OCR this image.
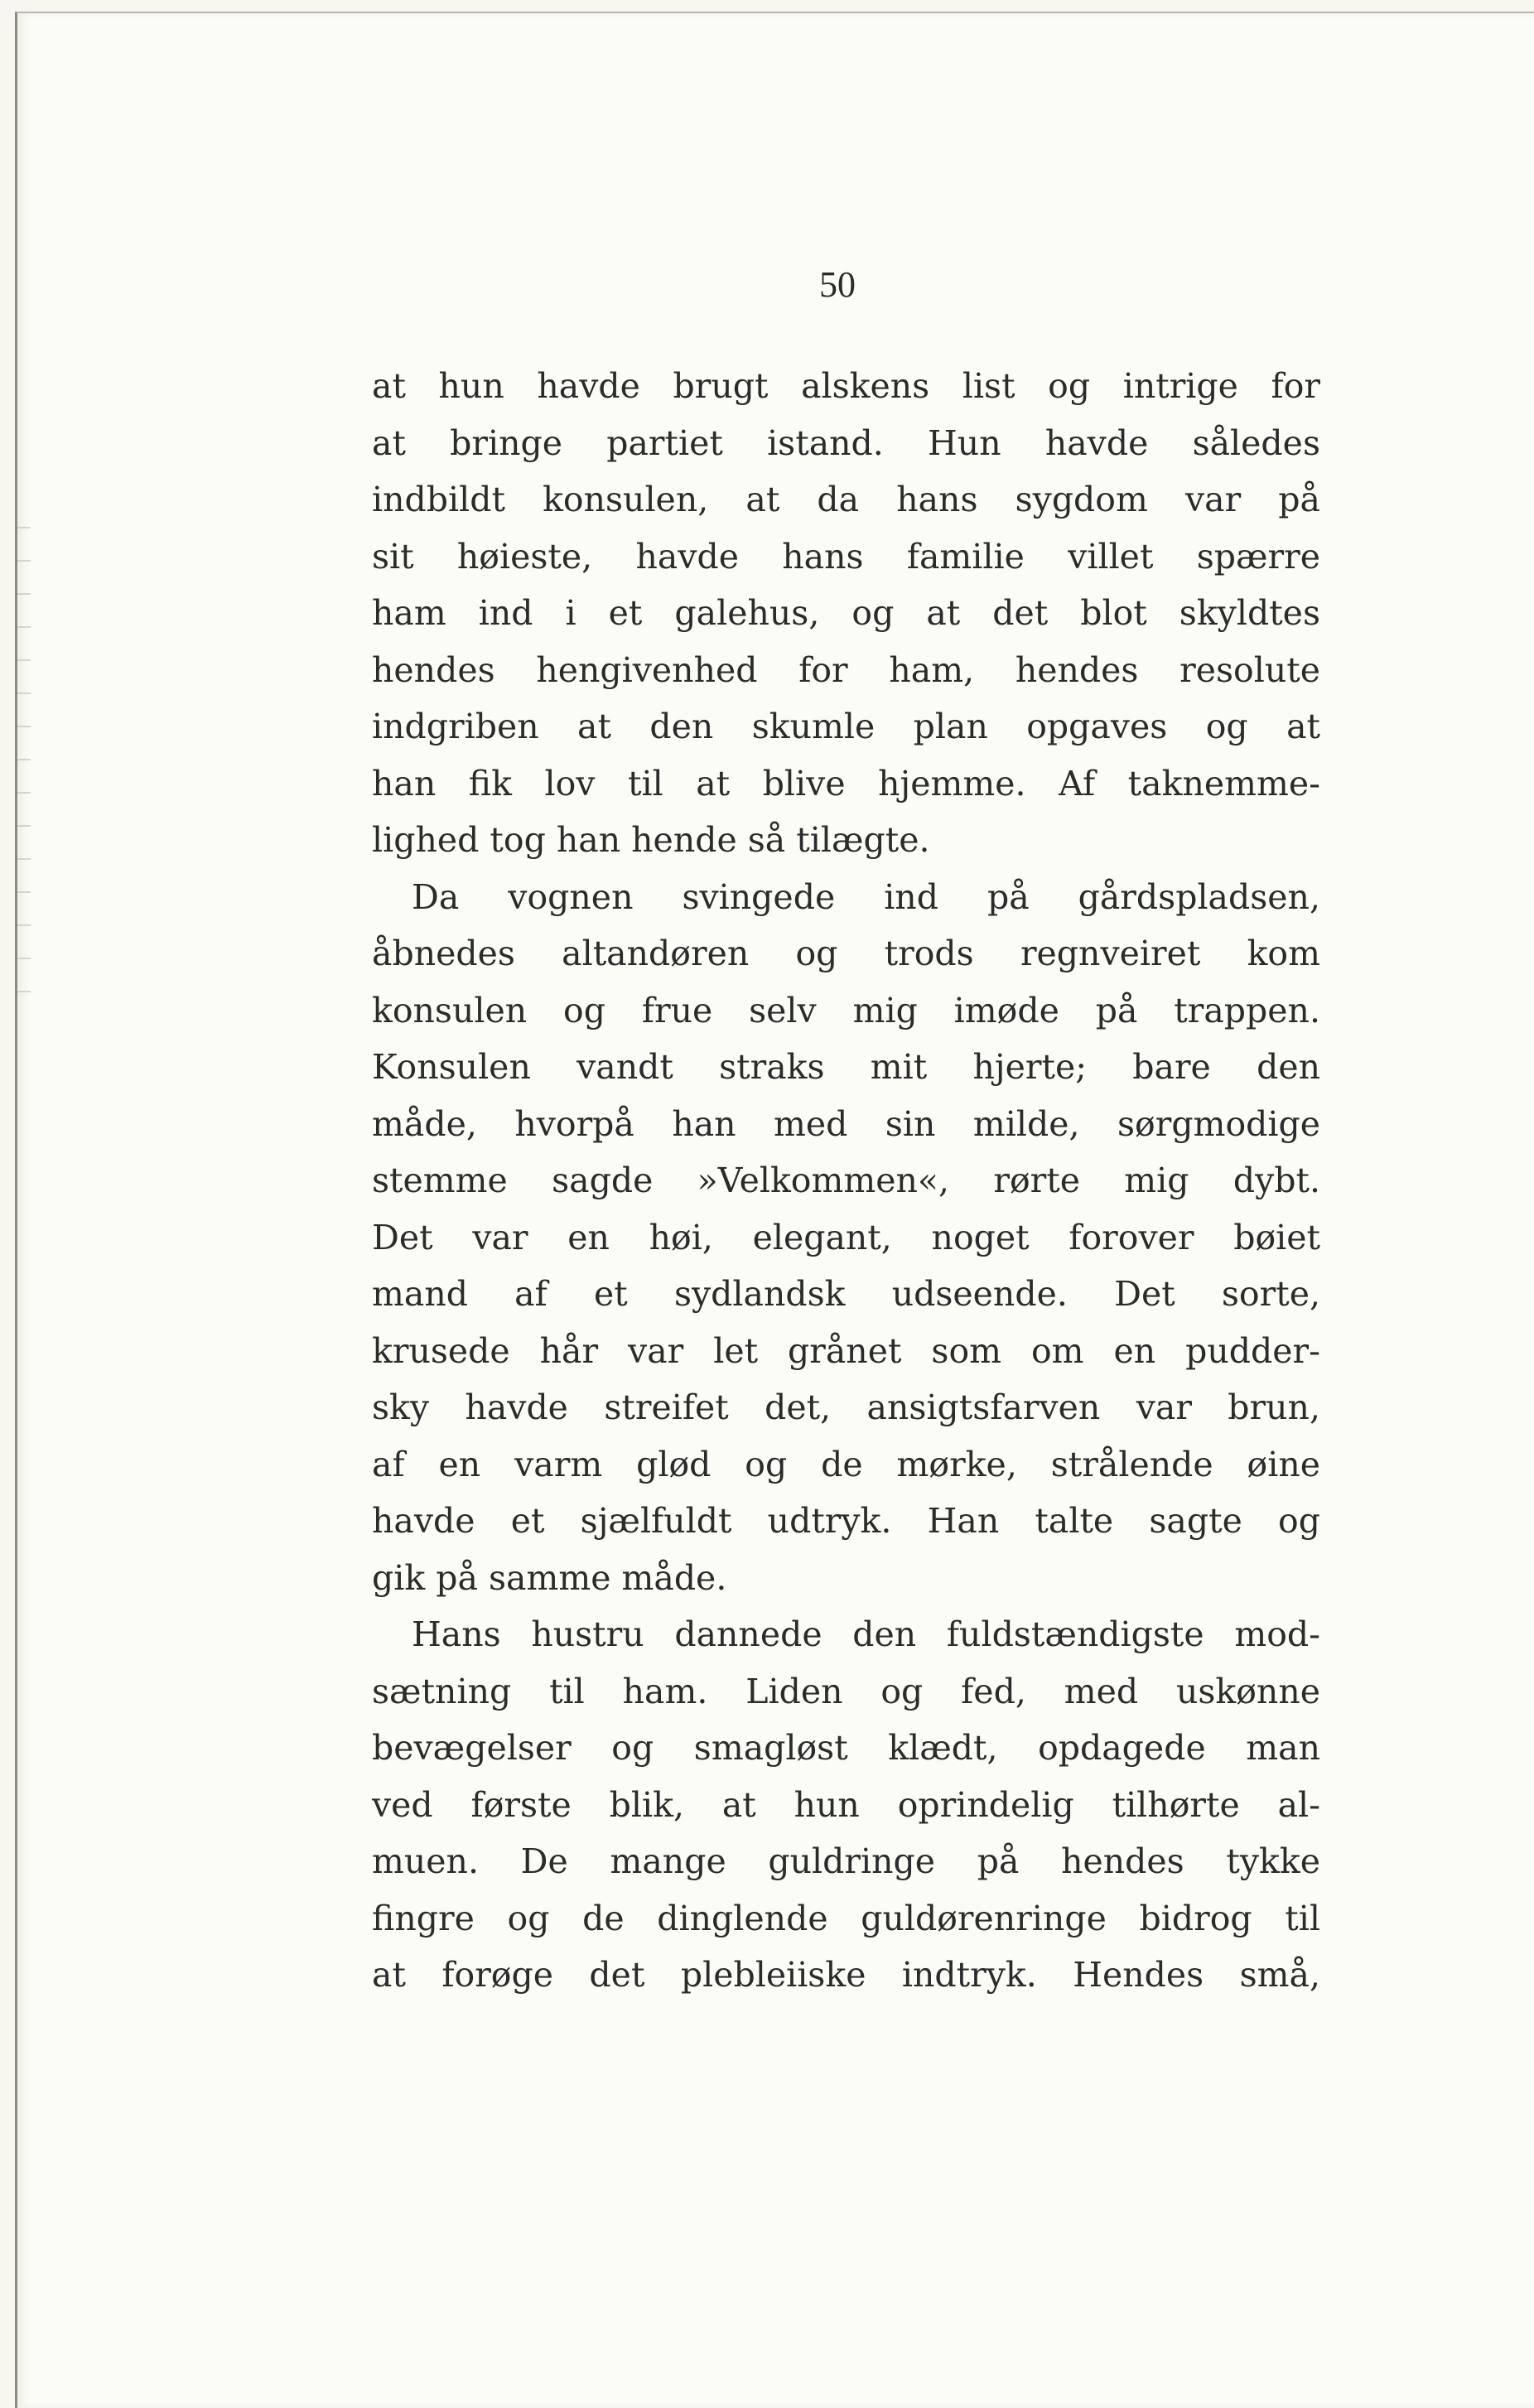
50
at hun havde brugt alskens list og intrige for
at bringe partiet istand. Hun havde således
indbildt konsulen, at da hans sygdom var på
sit høieste, havde hans familie villet spærre
ham ind i et galehus, og at det blot skyldtes
hendes hengivenhed for ham, hendes resolute
indgriben at den skumle plan opgaves og at
han fik lov til at blive hjemme. Af taknemme-
lighed tog han hende så tilægte.
Da vognen svingede ind på gårdspladsen,
åbnedes altandøren og trods regnveiret kom
konsulen og frue selv mig imøde på trappen.
Konsulen vandt straks mit hjerte; bare den
måde, hvorpå han med sin milde, sørgmodige
stemme sagde »Velkommen«, rørte mig dybt.
Det var en høi, elegant, noget forover bøiet
mand af et sydlandsk udseende. Det sorte,
krusede hår var let grånet som om en pudder-
sky havde streifet det, ansigtsfarven var brun,
af en varm glød og de mørke, strålende øine
havde et sjælfuldt udtryk. Han talte sagte og
gik på samme måde.
Hans hustru dannede den fuldstændigste mod-
sætning til ham. Liden og fed, med uskønne
bevægelser og smagløst klædt, opdagede man
ved første blik, at hun oprindelig tilhørte al-
muen. De mange guldringe på hendes tykke
fingre og de dinglende guldørenringe bidrog til
at forøge det plebleiiske indtryk. Hendes små,
